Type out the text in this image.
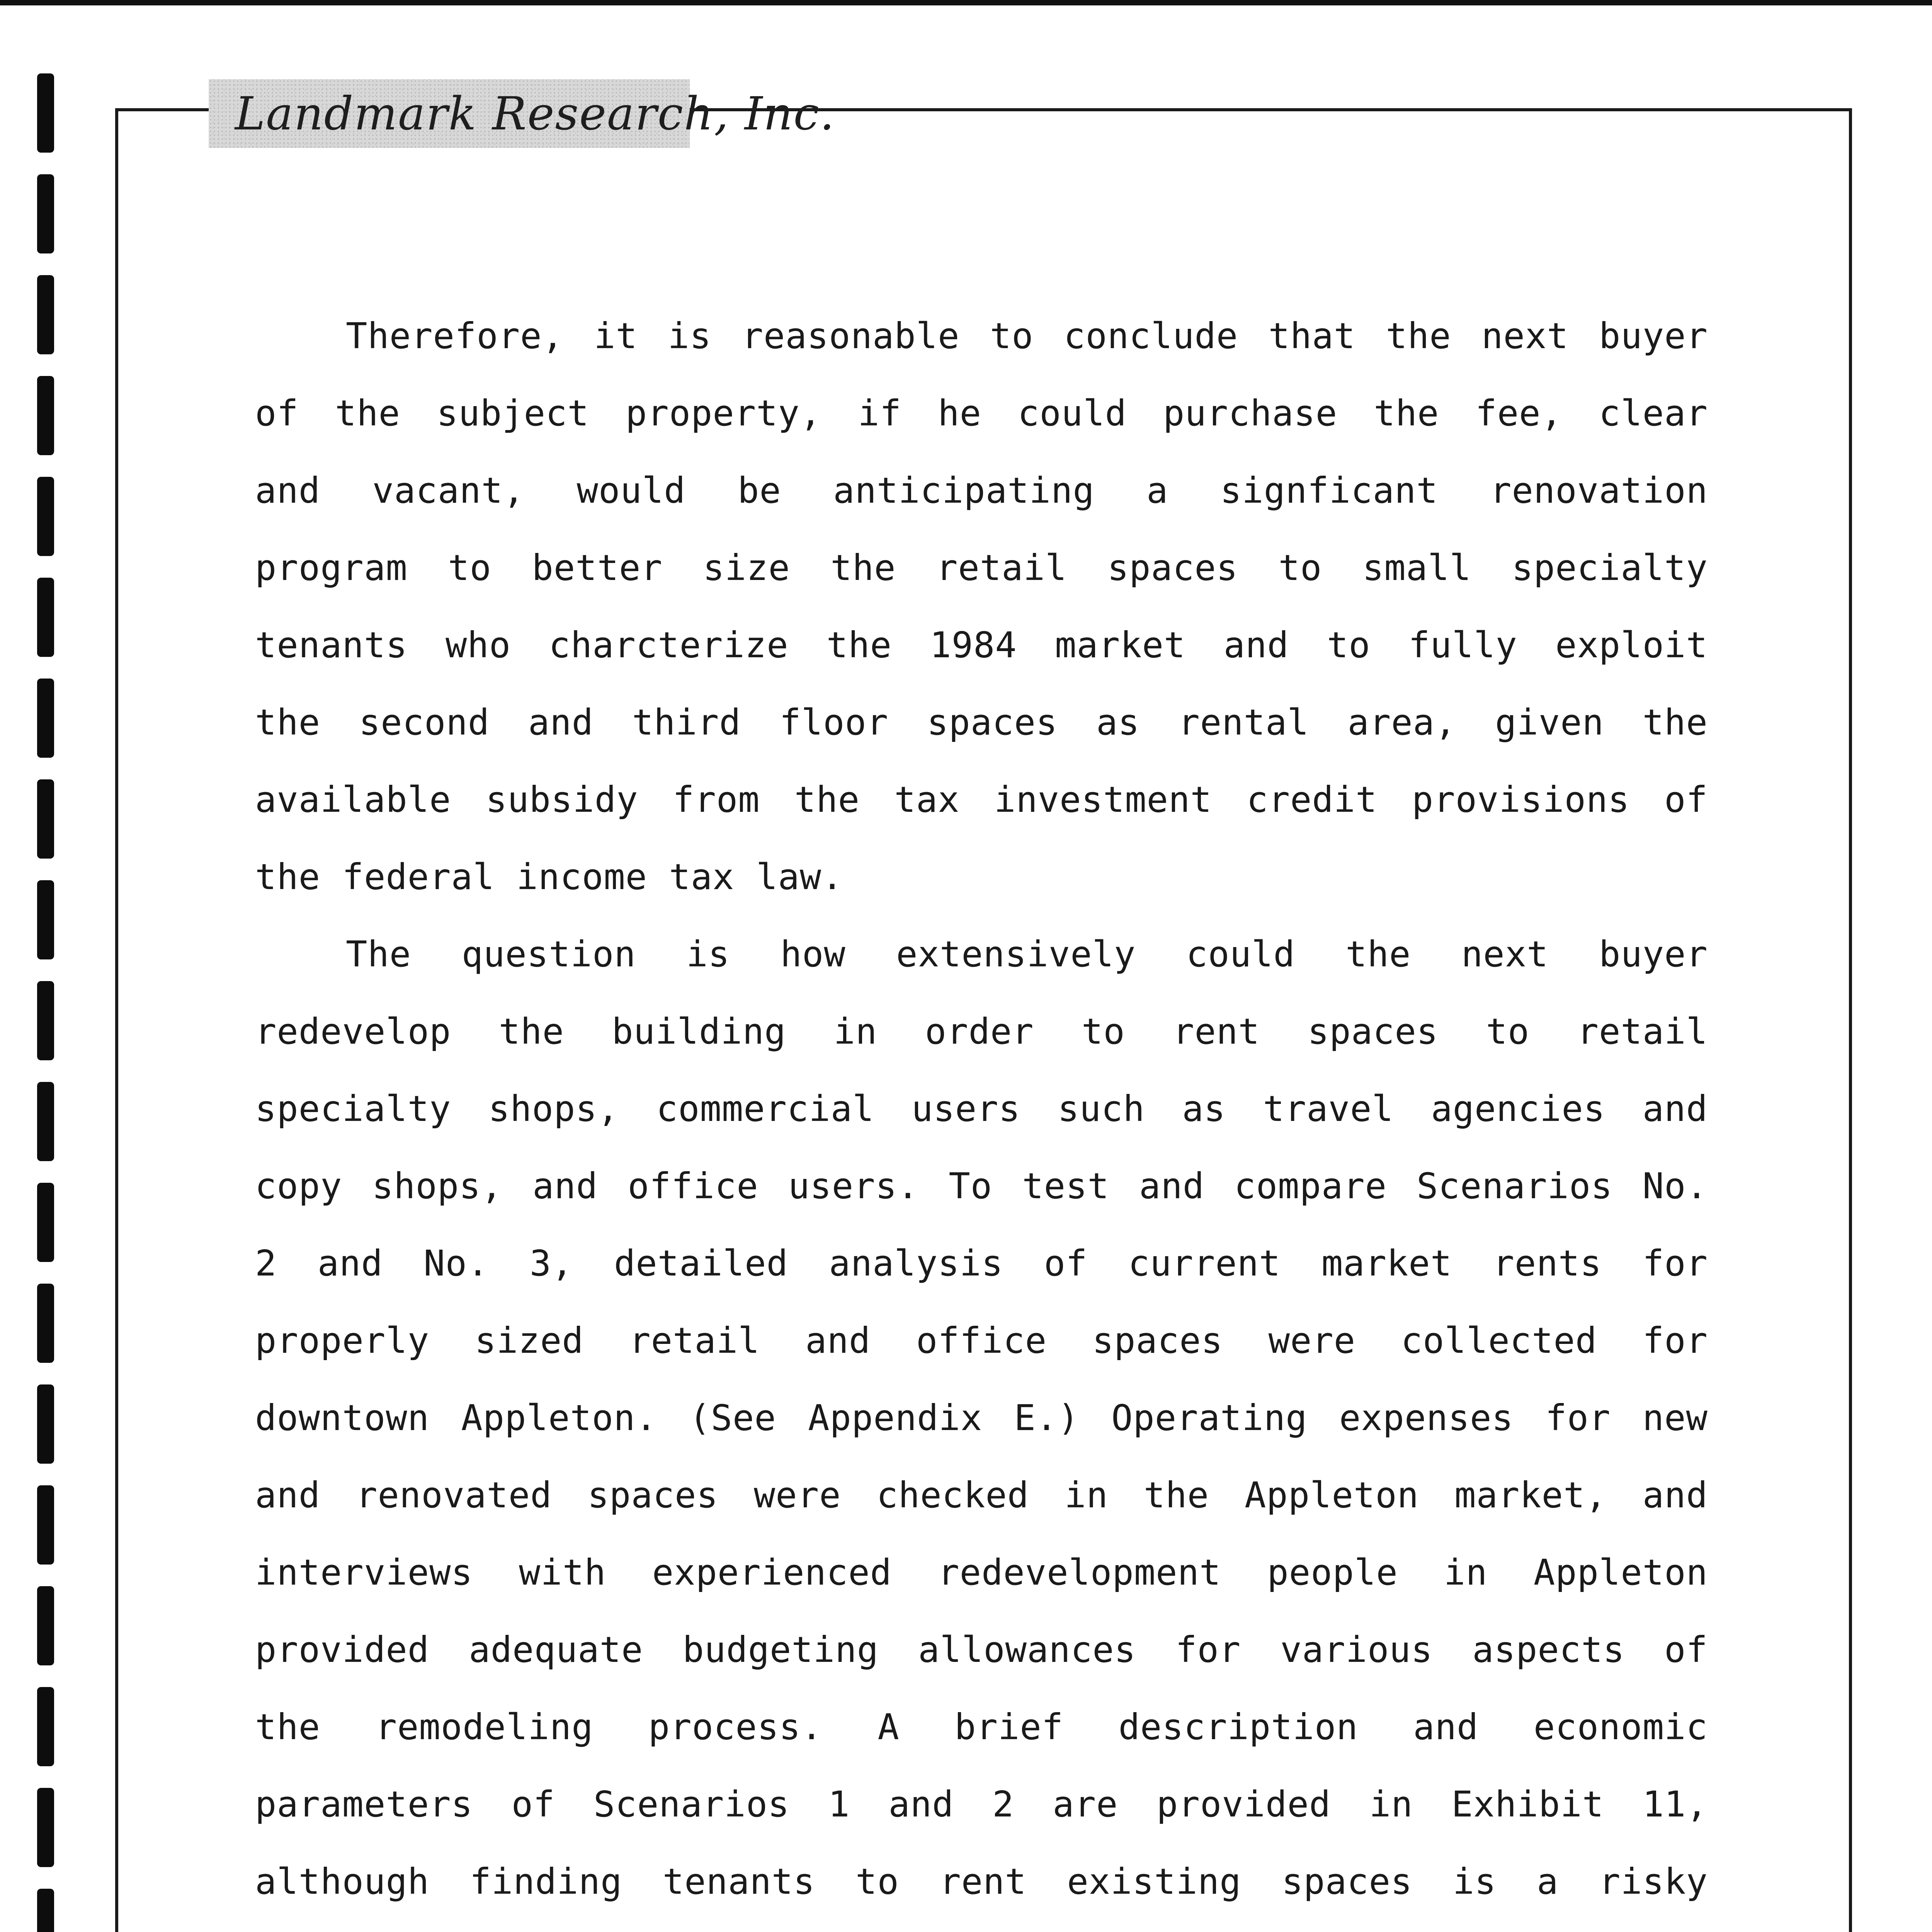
Landmark Research, Inc.
Therefore, it is reasonable to conclude that the next buyer
of the subject property, if he could purchase the fee, clear
and vacant, would be anticipating a signficant renovation
program to better size the retail spaces to small specialty
tenants who charcterize the 1984 market and to fully exploit
the second and third floor spaces as rental area, given the
available subsidy from the tax investment credit provisions of
the federal income tax law.
The question is how extensively could the next buyer
redevelop the building in order to rent spaces to retail
specialty shops, commercial users such as travel agencies and
copy shops, and office users. To test and compare Scenarios No.
2 and No. 3, detailed analysis of current market rents for
properly sized retail and office spaces were collected for
downtown Appleton. (See Appendix E.) Operating expenses for new
and renovated spaces were checked in the Appleton market, and
interviews with experienced redevelopment people in Appleton
provided adequate budgeting allowances for various aspects of
the remodeling process. A brief description and economic
parameters of Scenarios 1 and 2 are provided in Exhibit 11,
although finding tenants to rent existing spaces is a risky
